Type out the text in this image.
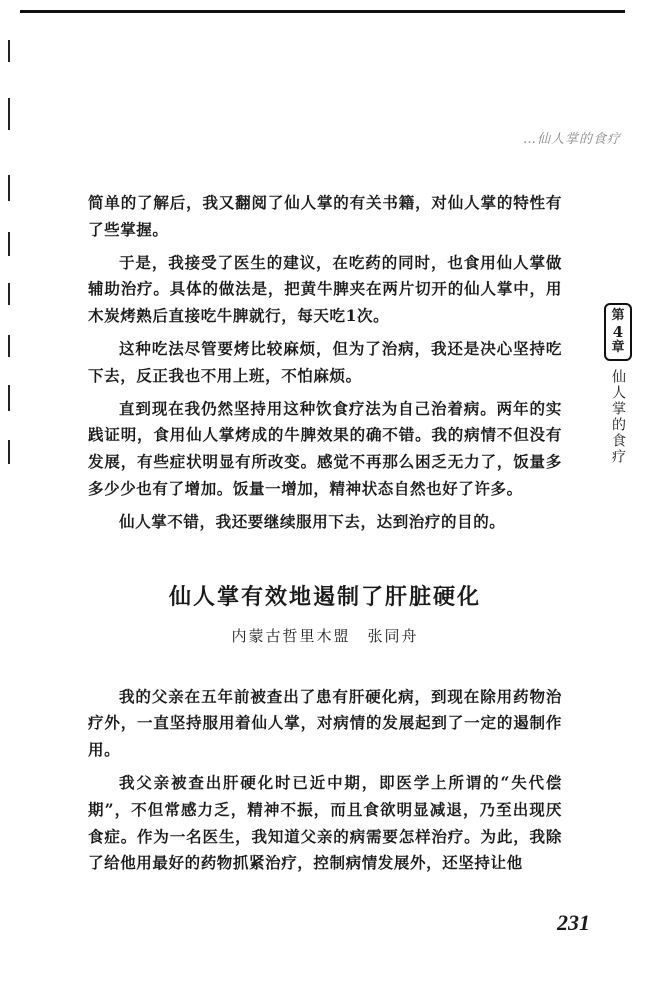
…仙人掌的食疗

简单的了解后，我又翻阅了仙人掌的有关书籍，对仙人掌的特性有了些掌握。

于是，我接受了医生的建议，在吃药的同时，也食用仙人掌做辅助治疗。具体的做法是，把黄牛脾夹在两片切开的仙人掌中，用木炭烤熟后直接吃牛脾就行，每天吃1次。

这种吃法尽管要烤比较麻烦，但为了治病，我还是决心坚持吃下去，反正我也不用上班，不怕麻烦。

直到现在我仍然坚持用这种饮食疗法为自己治着病。两年的实践证明，食用仙人掌烤成的牛脾效果的确不错。我的病情不但没有发展，有些症状明显有所改变。感觉不再那么困乏无力了，饭量多多少少也有了增加。饭量一增加，精神状态自然也好了许多。

仙人掌不错，我还要继续服用下去，达到治疗的目的。

仙人掌有效地遏制了肝脏硬化
内蒙古哲里木盟　张同舟

我的父亲在五年前被查出了患有肝硬化病，到现在除用药物治疗外，一直坚持服用着仙人掌，对病情的发展起到了一定的遏制作用。

我父亲被查出肝硬化时已近中期，即医学上所谓的“失代偿期”，不但常感力乏，精神不振，而且食欲明显减退，乃至出现厌食症。作为一名医生，我知道父亲的病需要怎样治疗。为此，我除了给他用最好的药物抓紧治疗，控制病情发展外，还坚持让他

第
4
章
仙人掌的食疗
231
